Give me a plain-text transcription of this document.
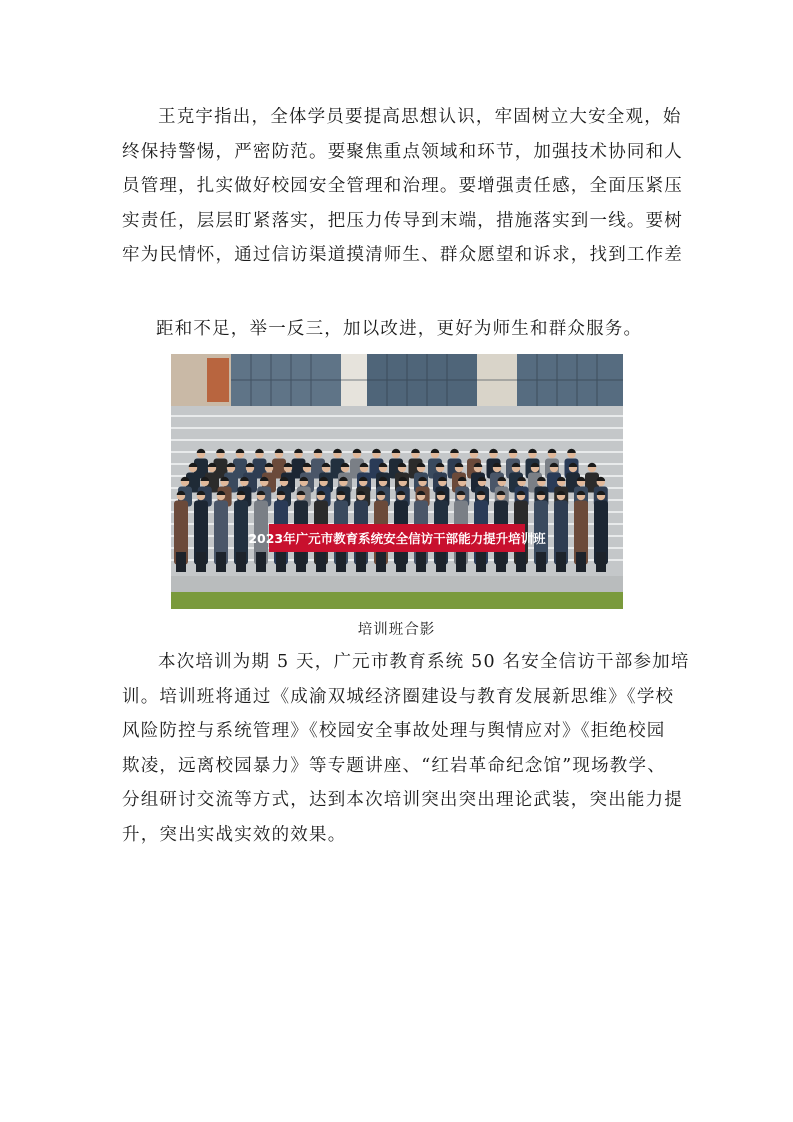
王克宇指出，全体学员要提高思想认识，牢固树立大安全观，始
终保持警惕，严密防范。要聚焦重点领域和环节，加强技术协同和人
员管理，扎实做好校园安全管理和治理。要增强责任感，全面压紧压
实责任，层层盯紧落实，把压力传导到末端，措施落实到一线。要树
牢为民情怀，通过信访渠道摸清师生、群众愿望和诉求，找到工作差
距和不足，举一反三，加以改进，更好为师生和群众服务。
2023年广元市教育系统安全信访干部能力提升培训班
培训班合影
本次培训为期 5 天，广元市教育系统 50 名安全信访干部参加培
训。培训班将通过《成渝双城经济圈建设与教育发展新思维》《学校
风险防控与系统管理》《校园安全事故处理与舆情应对》《拒绝校园
欺凌，远离校园暴力》等专题讲座、“红岩革命纪念馆”现场教学、
分组研讨交流等方式，达到本次培训突出突出理论武装，突出能力提
升，突出实战实效的效果。
